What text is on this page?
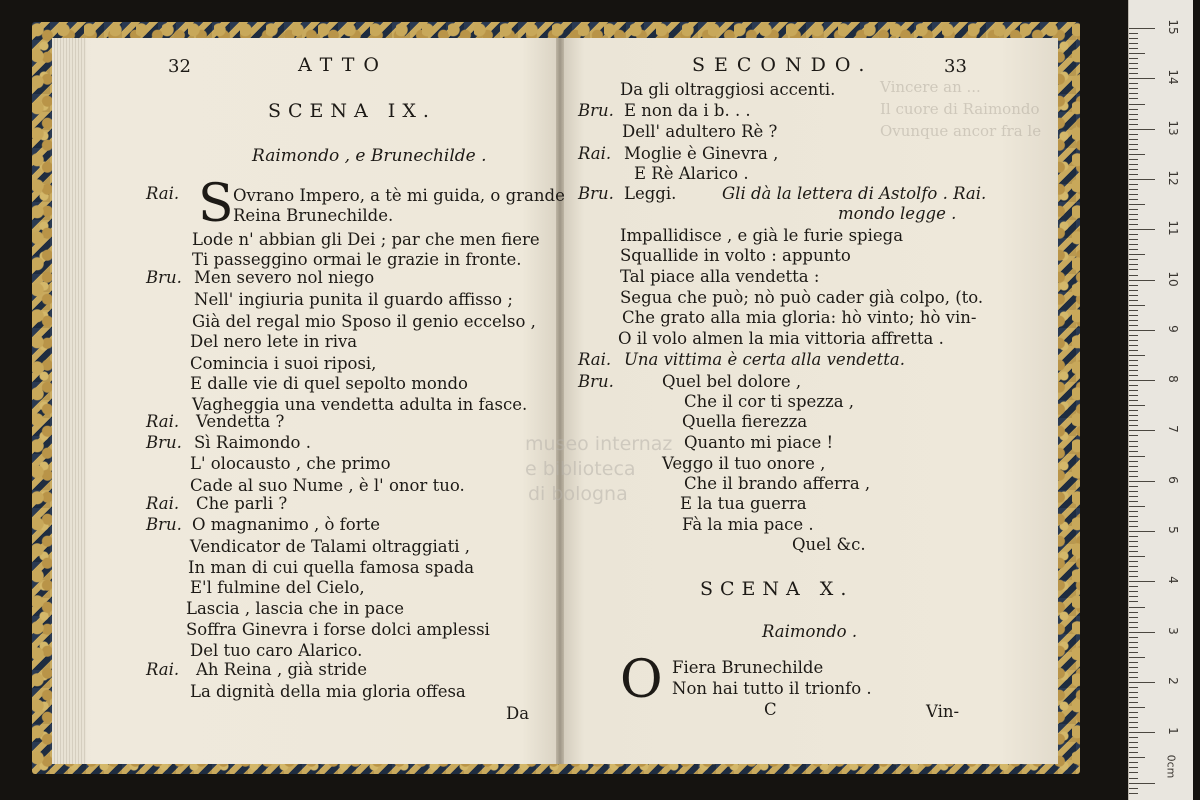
Vincere an ...
Il cuore di Raimondo
Ovunque ancor fra le
museo internaz
e biblioteca
di bologna
32	ATTO
SCENA IX.
Raimondo , e Brunechilde .
Rai. S Ovrano Impero, a tè mi guida, o grande
Reina Brunechilde.
Lode n' abbian gli Dei ; par che men fiere
Ti passeggino ormai le grazie in fronte.
Bru. Men severo nol niego
Nell' ingiuria punita il guardo affisso ;
Già del regal mio Sposo il genio eccelso ,
Del nero lete in riva
Comincia i suoi riposi,
E dalle vie di quel sepolto mondo
Vagheggia una vendetta adulta in fasce.
Rai. Vendetta ?
Bru. Sì Raimondo .
L' olocausto , che primo
Cade al suo Nume , è l' onor tuo.
Rai. Che parli ?
Bru. O magnanimo , ò forte
Vendicator de Talami oltraggiati ,
In man di cui quella famosa spada
E'l fulmine del Cielo,
Lascia , lascia che in pace
Soffra Ginevra i forse dolci amplessi
Del tuo caro Alarico.
Rai. Ah Reina , già stride
La dignità della mia gloria offesa
Da
SECONDO.	33
Da gli oltraggiosi accenti.
Bru. E non da i b. . .
Dell' adultero Rè ?
Rai. Moglie è Ginevra ,
E Rè Alarico .
Bru. Leggi.	Gli dà la lettera di Astolfo . Rai.
mondo legge .
Impallidisce , e già le furie spiega
Squallide in volto : appunto
Tal piace alla vendetta :
Segua che può; nò può cader già colpo, (to.
Che grato alla mia gloria: hò vinto; hò vin-
O il volo almen la mia vittoria affretta .
Rai. Una vittima è certa alla vendetta.
Bru.	Quel bel dolore ,
Che il cor ti spezza ,
Quella fierezza
Quanto mi piace !
Veggo il tuo onore ,
Che il brando afferra ,
E la tua guerra
Fà la mia pace .
Quel &c.
SCENA X.
Raimondo .
O Fiera Brunechilde
Non hai tutto il trionfo .
C	Vin-
0cm
15
14
13
12
11
10
9
8
7
6
5
4
3
2
1
